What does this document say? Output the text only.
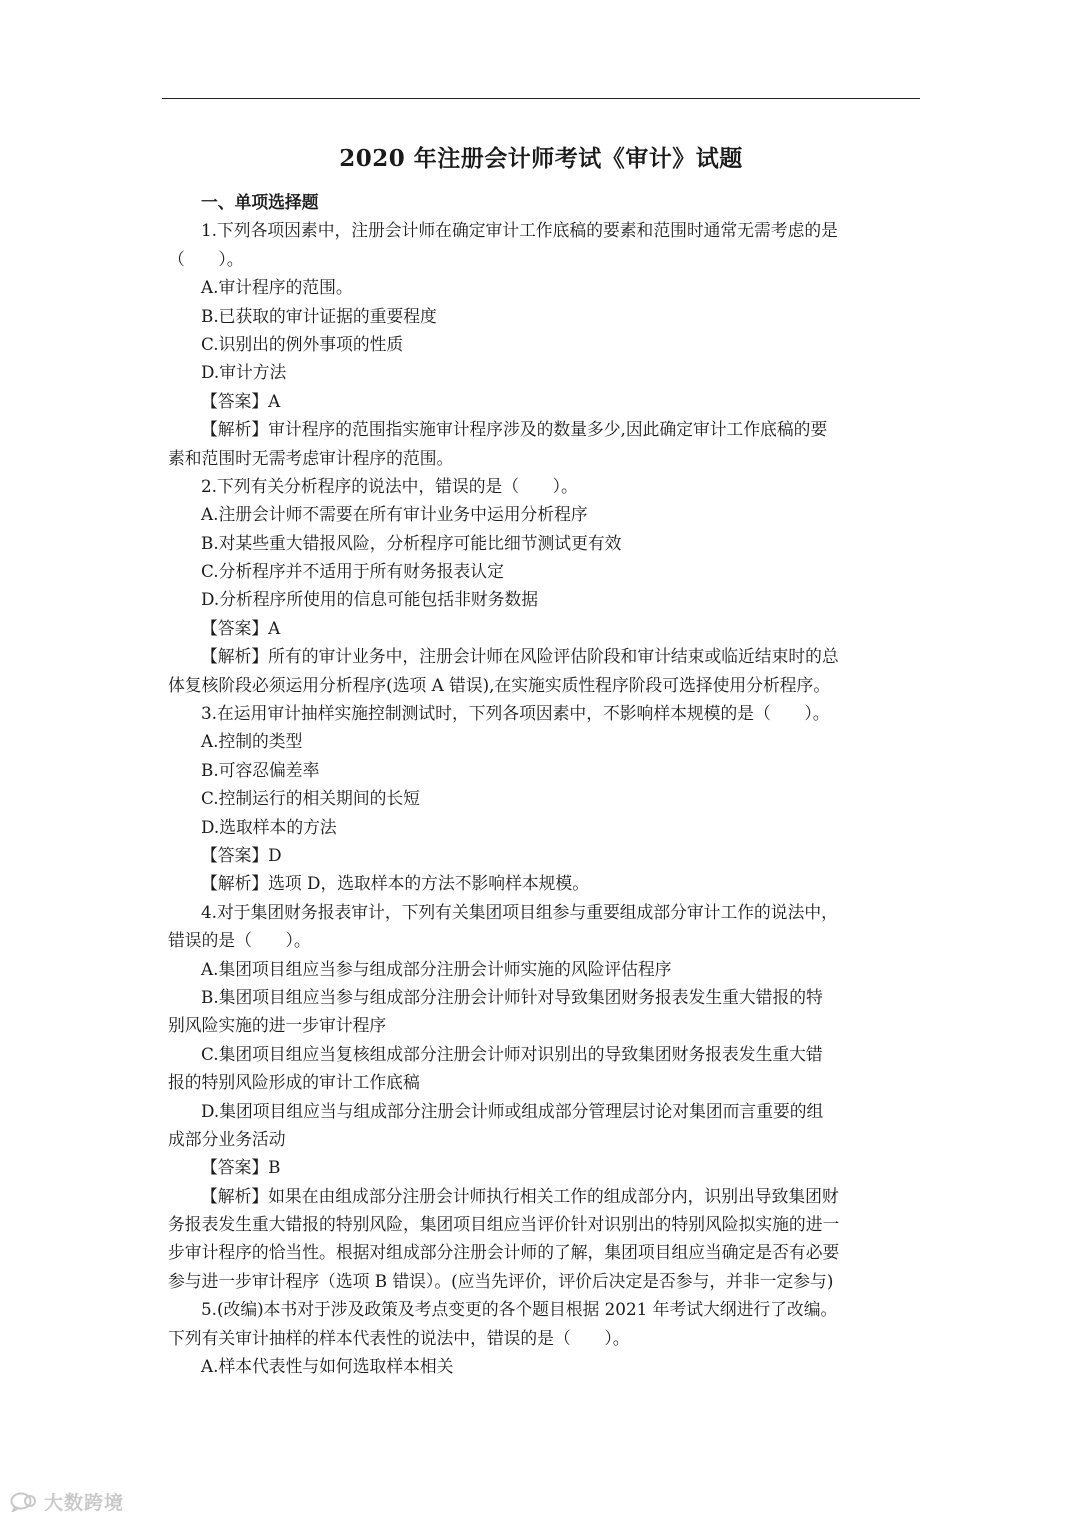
2020 年注册会计师考试《审计》试题
一、单项选择题
1.下列各项因素中，注册会计师在确定审计工作底稿的要素和范围时通常无需考虑的是
（　　）。
A.审计程序的范围。
B.已获取的审计证据的重要程度
C.识别出的例外事项的性质
D.审计方法
【答案】A
【解析】审计程序的范围指实施审计程序涉及的数量多少,因此确定审计工作底稿的要
素和范围时无需考虑审计程序的范围。
2.下列有关分析程序的说法中，错误的是（　　）。
A.注册会计师不需要在所有审计业务中运用分析程序
B.对某些重大错报风险，分析程序可能比细节测试更有效
C.分析程序并不适用于所有财务报表认定
D.分析程序所使用的信息可能包括非财务数据
【答案】A
【解析】所有的审计业务中，注册会计师在风险评估阶段和审计结束或临近结束时的总
体复核阶段必须运用分析程序(选项 A 错误),在实施实质性程序阶段可选择使用分析程序。
3.在运用审计抽样实施控制测试时，下列各项因素中，不影响样本规模的是（　　）。
A.控制的类型
B.可容忍偏差率
C.控制运行的相关期间的长短
D.选取样本的方法
【答案】D
【解析】选项 D，选取样本的方法不影响样本规模。
4.对于集团财务报表审计，下列有关集团项目组参与重要组成部分审计工作的说法中，
错误的是（　　）。
A.集团项目组应当参与组成部分注册会计师实施的风险评估程序
B.集团项目组应当参与组成部分注册会计师针对导致集团财务报表发生重大错报的特
别风险实施的进一步审计程序
C.集团项目组应当复核组成部分注册会计师对识别出的导致集团财务报表发生重大错
报的特别风险形成的审计工作底稿
D.集团项目组应当与组成部分注册会计师或组成部分管理层讨论对集团而言重要的组
成部分业务活动
【答案】B
【解析】如果在由组成部分注册会计师执行相关工作的组成部分内，识别出导致集团财
务报表发生重大错报的特别风险，集团项目组应当评价针对识别出的特别风险拟实施的进一
步审计程序的恰当性。根据对组成部分注册会计师的了解，集团项目组应当确定是否有必要
参与进一步审计程序（选项 B 错误）。(应当先评价，评价后决定是否参与，并非一定参与)
5.(改编)本书对于涉及政策及考点变更的各个题目根据 2021 年考试大纲进行了改编。
下列有关审计抽样的样本代表性的说法中，错误的是（　　）。
A.样本代表性与如何选取样本相关
大数跨境
